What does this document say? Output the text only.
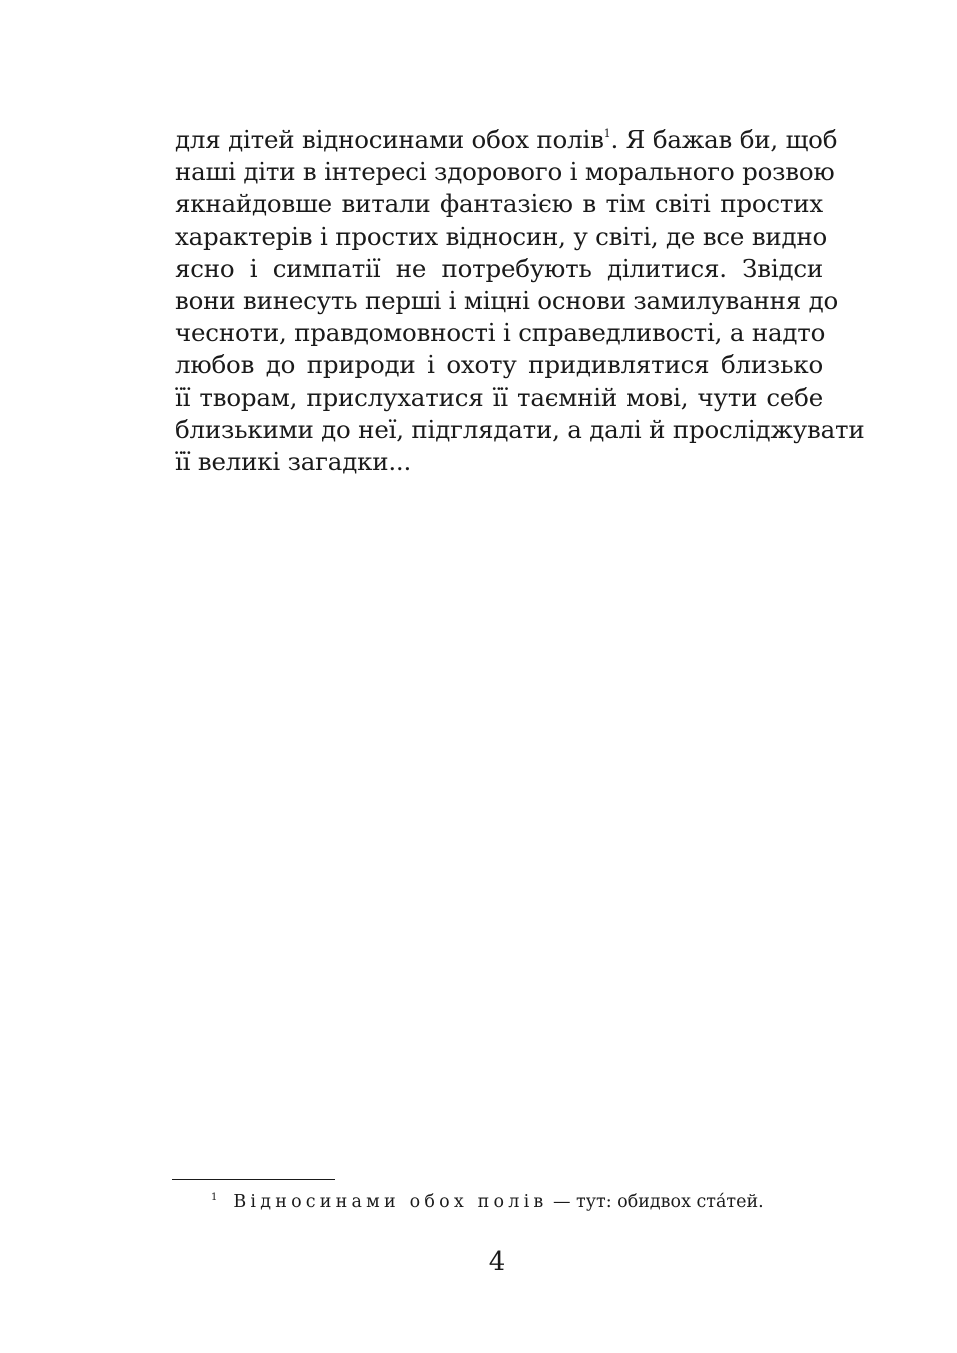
для дітей відносинами обох полів$^1$. Я бажав би, щоб
наші діти в інтересі здорового і морального розвою
якнайдовше витали фантазією в тім світі простих
характерів і простих відносин, у світі, де все видно
ясно і симпатії не потребують ділитися. Звідси
вони винесуть перші і міцні основи замилування до
чесноти, правдомовності і справедливості, а надто
любов до природи і охоту придивлятися близько
її творам, прислухатися її таємній мові, чути себе
близькими до неї, підглядати, а далі й просліджувати
її великі загадки...
$^1$ Відносинами обох полів — тут: обидвох ста́тей.
4
